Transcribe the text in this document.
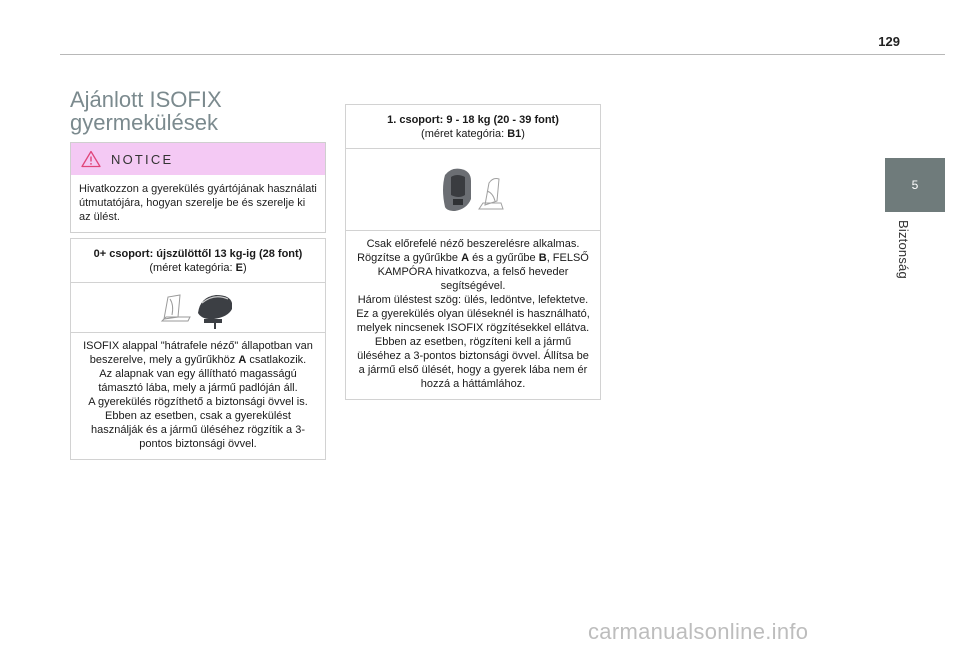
129
5
Biztonság
Ajánlott ISOFIX
gyermekülések
NOTICE
Hivatkozzon a gyerekülés gyártójának használati útmutatójára, hogyan szerelje be és szerelje ki az ülést.
0+ csoport: újszülöttől 13 kg-ig (28 font)
(méret kategória: E)

ISOFIX alappal "hátrafele néző" állapotban van beszerelve, mely a gyűrűkhöz A csatlakozik.

Az alapnak van egy állítható magasságú támasztó lába, mely a jármű padlóján áll.

A gyerekülés rögzíthető a biztonsági övvel is. Ebben az esetben, csak a gyerekülést használják és a jármű üléséhez rögzítik a 3-pontos biztonsági övvel.

1. csoport: 9 - 18 kg (20 - 39 font)
(méret kategória: B1)

Csak előrefelé néző beszerelésre alkalmas.

Rögzítse a gyűrűkbe A és a gyűrűbe B, FELSŐ KAMPÓRA hivatkozva, a felső heveder segítségével.

Három üléstest szög: ülés, ledöntve, lefektetve.

Ez a gyerekülés olyan üléseknél is használható, melyek nincsenek ISOFIX rögzítésekkel ellátva. Ebben az esetben, rögzíteni kell a jármű üléséhez a 3-pontos biztonsági övvel. Állítsa be a jármű első ülését, hogy a gyerek lába nem ér hozzá a háttámlához.

carmanualsonline.info
